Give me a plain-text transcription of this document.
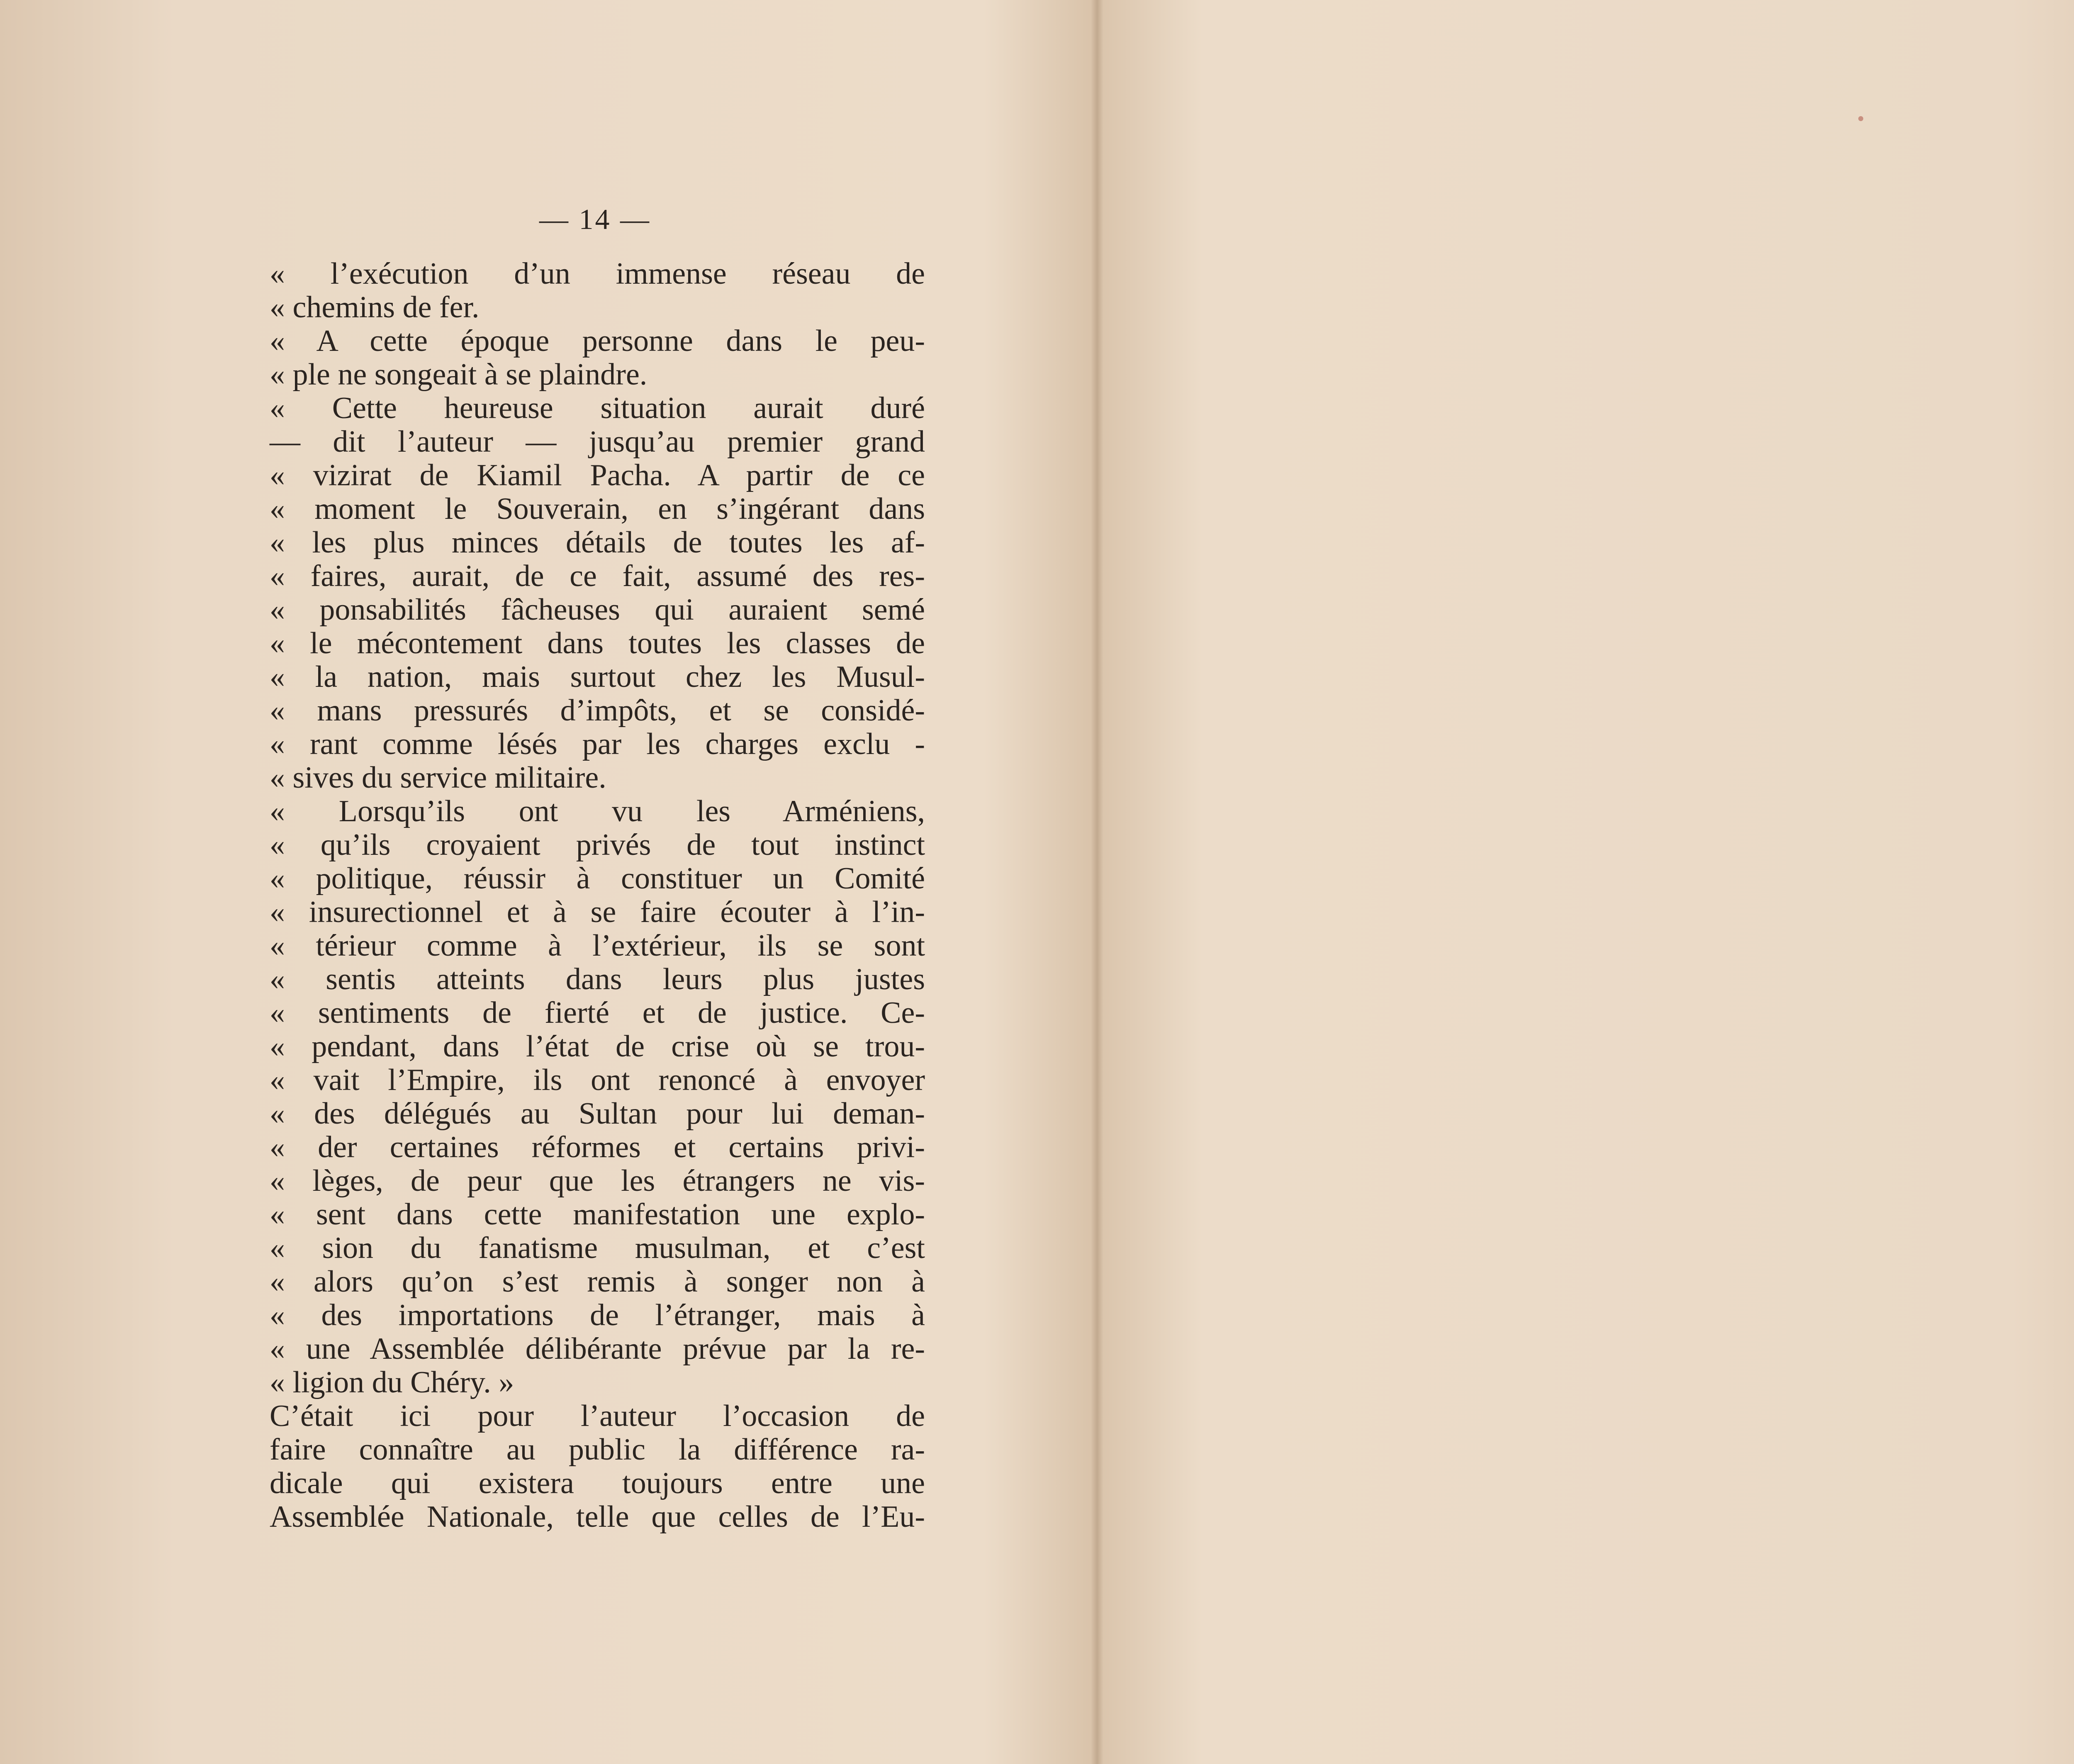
— 14 —
« l’exécution d’un immense réseau de
« chemins de fer.
« A cette époque personne dans le peu-
« ple ne songeait à se plaindre.
« Cette heureuse situation aurait duré
— dit l’auteur — jusqu’au premier grand
« vizirat de Kiamil Pacha. A partir de ce
« moment le Souverain, en s’ingérant dans
« les plus minces détails de toutes les af-
« faires, aurait, de ce fait, assumé des res-
« ponsabilités fâcheuses qui auraient semé
« le mécontement dans toutes les classes de
« la nation, mais surtout chez les Musul-
« mans pressurés d’impôts, et se considé-
« rant comme lésés par les charges exclu -
« sives du service militaire.
« Lorsqu’ils ont vu les Arméniens,
« qu’ils croyaient privés de tout instinct
« politique, réussir à constituer un Comité
« insurectionnel et à se faire écouter à l’in-
« térieur comme à l’extérieur, ils se sont
« sentis atteints dans leurs plus justes
« sentiments de fierté et de justice. Ce-
« pendant, dans l’état de crise où se trou-
« vait l’Empire, ils ont renoncé à envoyer
« des délégués au Sultan pour lui deman-
« der certaines réformes et certains privi-
« lèges, de peur que les étrangers ne vis-
« sent dans cette manifestation une explo-
« sion du fanatisme musulman, et c’est
« alors qu’on s’est remis à songer non à
« des importations de l’étranger, mais à
« une Assemblée délibérante prévue par la re-
« ligion du Chéry. »
C’était ici pour l’auteur l’occasion de
faire connaître au public la différence ra-
dicale qui existera toujours entre une
Assemblée Nationale, telle que celles de l’Eu-
